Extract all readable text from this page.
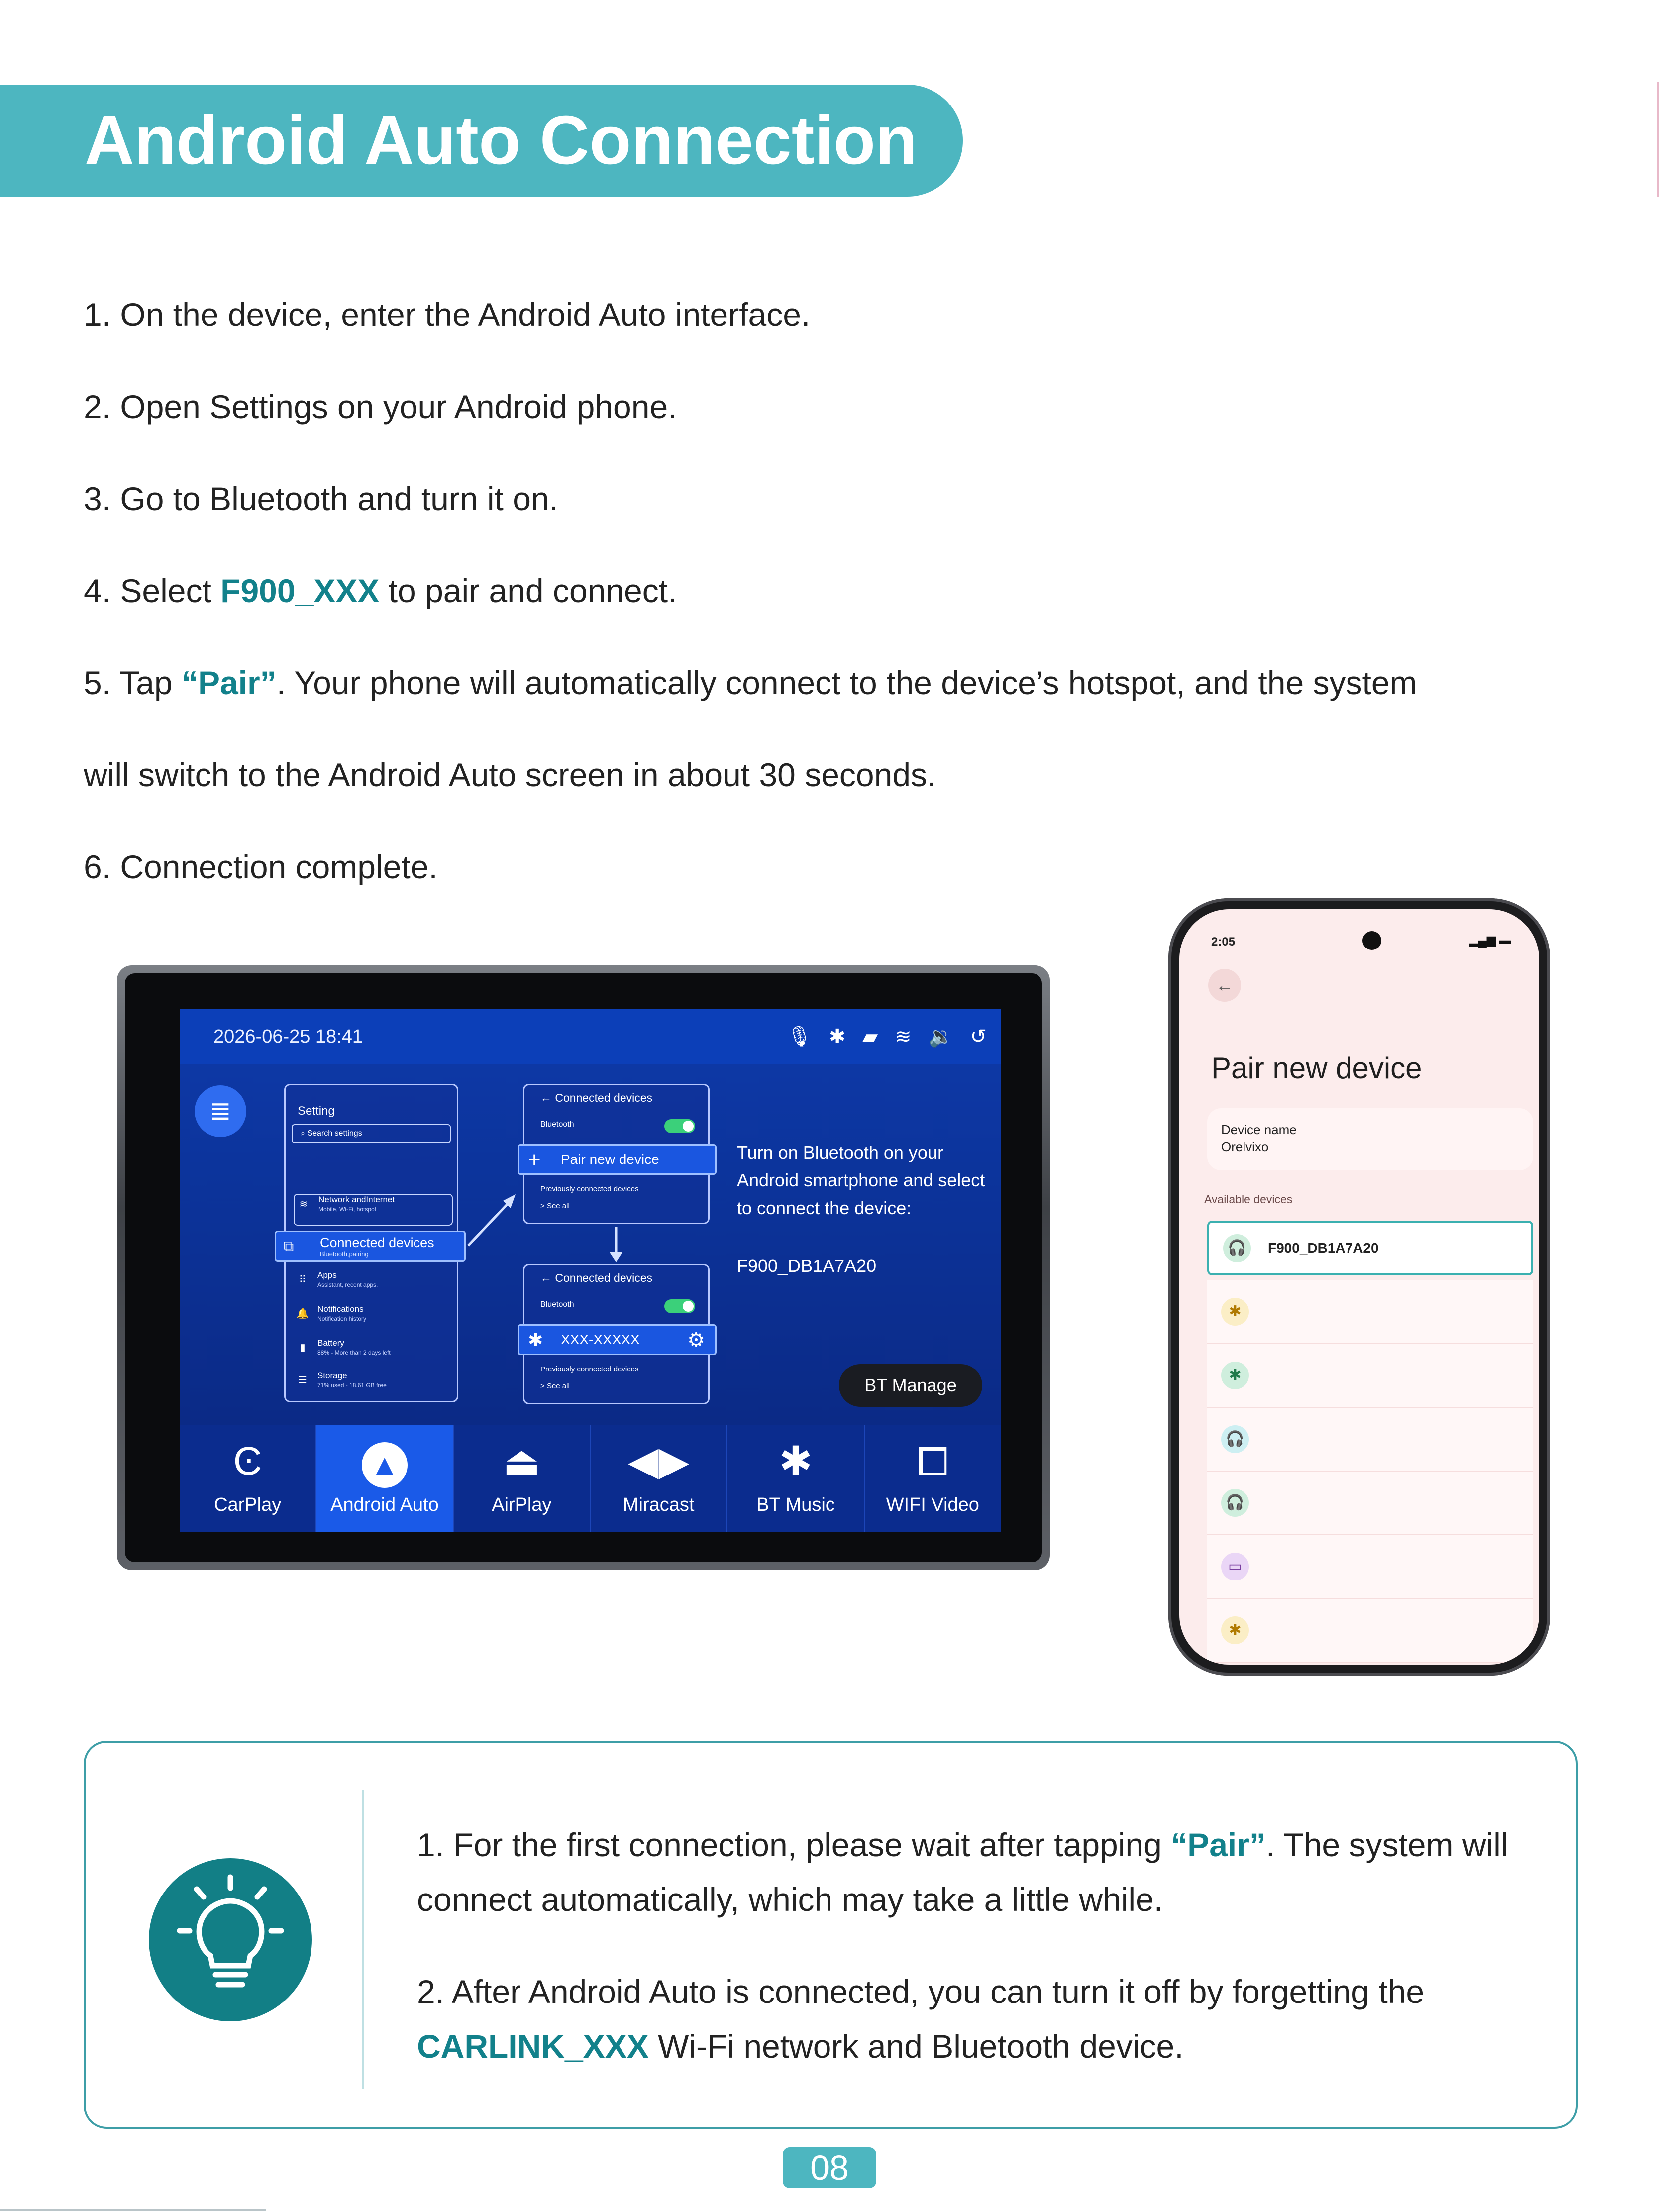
Android Auto Connection
1. On the device, enter the Android Auto interface.
2. Open Settings on your Android phone.
3. Go to Bluetooth and turn it on.
4. Select F900_XXX to pair and connect.
5. Tap “Pair”. Your phone will automatically connect to the device’s hotspot, and the system
will switch to the Android Auto screen in about 30 seconds.
6. Connection complete.
2026-06-25 18:41	🎙 ✱ ▰ ≋ 🔉 ↺
≣	Setting
⌕ Search settings
≋	Network andInternet
Mobile, Wi-Fi, hotspot
⧉ Connected devices
Bluetooth,pairing
⠿	Apps
Assistant, recent apps,
🔔	Notifications
Notification history
▮	Battery
88% - More than 2 days left
☰	Storage
71% used - 18.61 GB free
← Connected devices
Bluetooth
+ Pair new device
Previously connected devices
> See all
← Connected devices
Bluetooth
✱ XXX-XXXXX ⚙
Previously connected devices
> See all
Turn on Bluetooth on your Android smartphone and select to connect the device:
F900_DB1A7A20
BT Manage
Ͼ
CarPlay
▲
Android Auto
⏏
AirPlay
◀▶
Miracast
✱
BT Music
⧠
WIFI Video
2:05	▂▄▆ ▬
←
Pair new device
Device name
Orelvixo
Available devices
🎧	F900_DB1A7A20
✱
✱
🎧
🎧
▭
✱

1. For the first connection, please wait after tapping “Pair”. The system will connect automatically, which may take a little while.

2. After Android Auto is connected, you can turn it off by forgetting the CARLINK_XXX Wi-Fi network and Bluetooth device.

08
